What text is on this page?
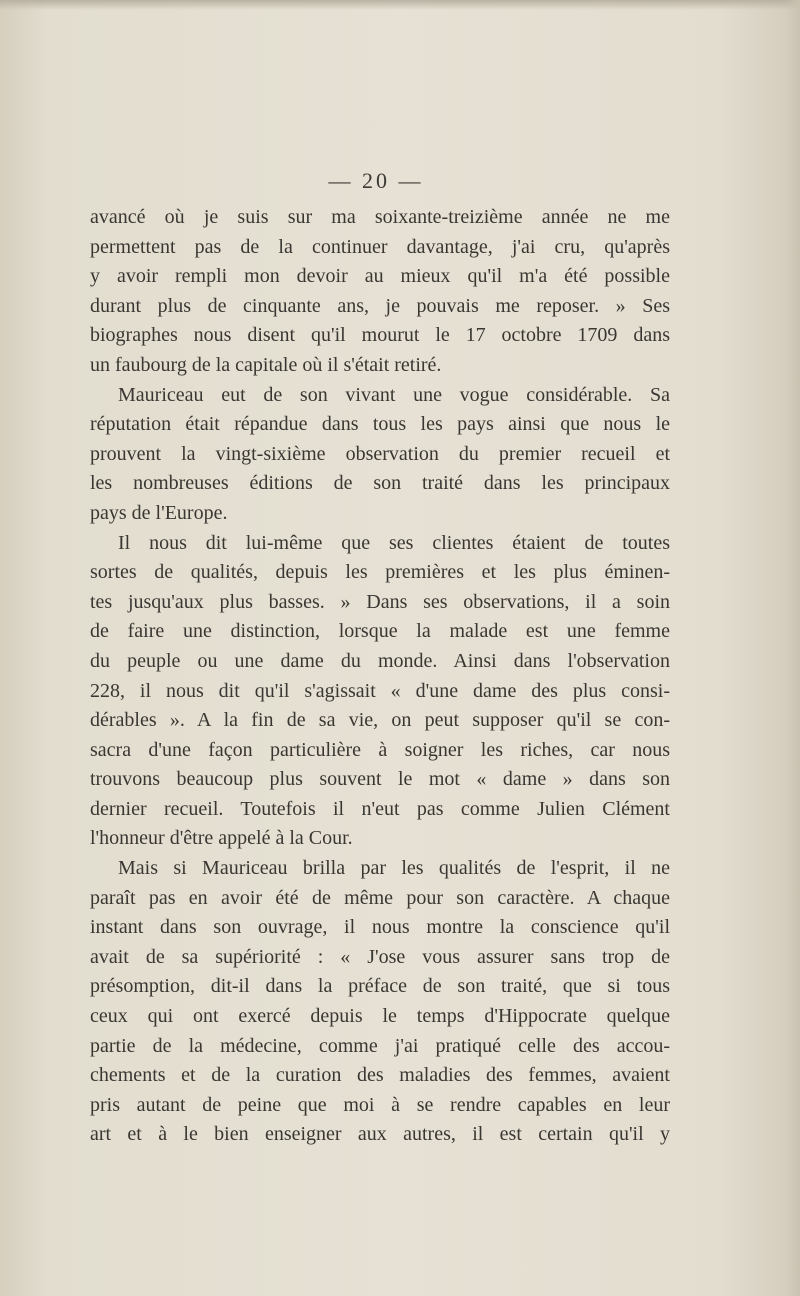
— 20 —
avancé où je suis sur ma soixante-treizième année ne me
permettent pas de la continuer davantage, j'ai cru, qu'après
y avoir rempli mon devoir au mieux qu'il m'a été possible
durant plus de cinquante ans, je pouvais me reposer. » Ses
biographes nous disent qu'il mourut le 17 octobre 1709 dans
un faubourg de la capitale où il s'était retiré.
Mauriceau eut de son vivant une vogue considérable. Sa
réputation était répandue dans tous les pays ainsi que nous le
prouvent la vingt-sixième observation du premier recueil et
les nombreuses éditions de son traité dans les principaux
pays de l'Europe.
Il nous dit lui-même que ses clientes étaient de toutes
sortes de qualités, depuis les premières et les plus éminen-
tes jusqu'aux plus basses. » Dans ses observations, il a soin
de faire une distinction, lorsque la malade est une femme
du peuple ou une dame du monde. Ainsi dans l'observation
228, il nous dit qu'il s'agissait « d'une dame des plus consi-
dérables ». A la fin de sa vie, on peut supposer qu'il se con-
sacra d'une façon particulière à soigner les riches, car nous
trouvons beaucoup plus souvent le mot « dame » dans son
dernier recueil. Toutefois il n'eut pas comme Julien Clément
l'honneur d'être appelé à la Cour.
Mais si Mauriceau brilla par les qualités de l'esprit, il ne
paraît pas en avoir été de même pour son caractère. A chaque
instant dans son ouvrage, il nous montre la conscience qu'il
avait de sa supériorité : « J'ose vous assurer sans trop de
présomption, dit-il dans la préface de son traité, que si tous
ceux qui ont exercé depuis le temps d'Hippocrate quelque
partie de la médecine, comme j'ai pratiqué celle des accou-
chements et de la curation des maladies des femmes, avaient
pris autant de peine que moi à se rendre capables en leur
art et à le bien enseigner aux autres, il est certain qu'il y
